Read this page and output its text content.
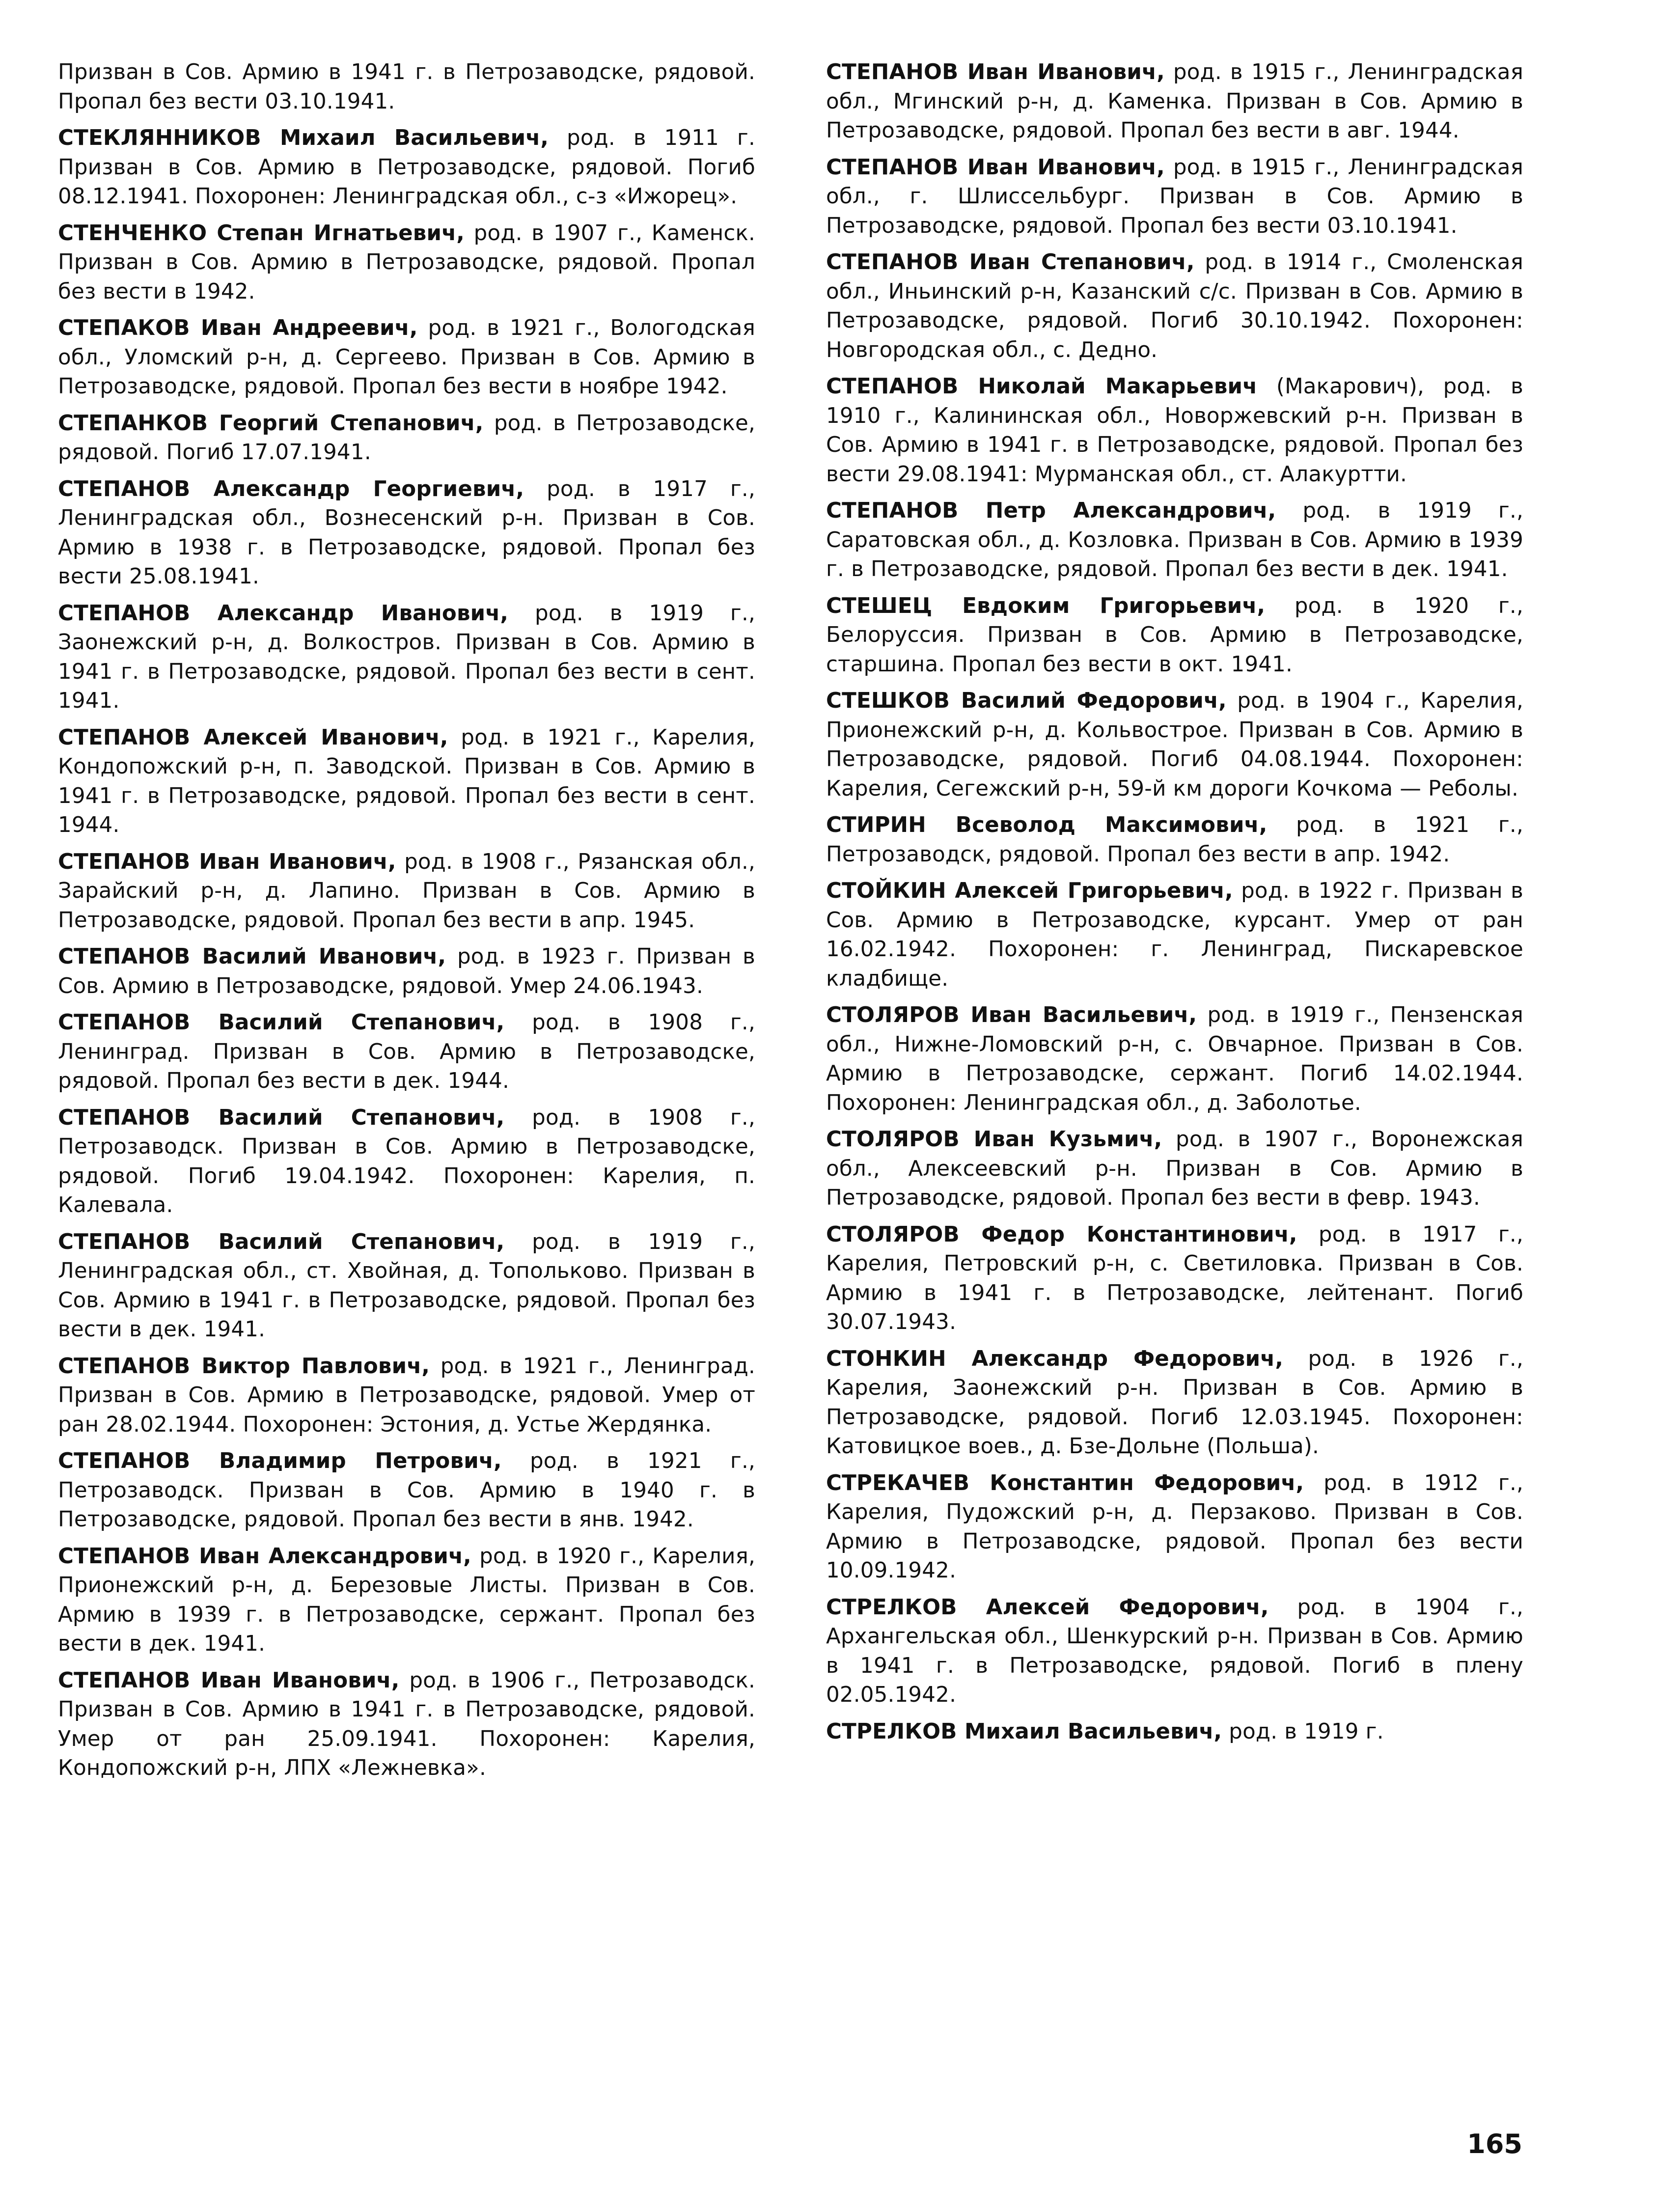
Призван в Сов. Армию в 1941 г. в Петрозаводске, рядовой. Пропал без вести 03.10.1941.

СТЕКЛЯННИКОВ Михаил Васильевич, род. в 1911 г. Призван в Сов. Армию в Петрозаводске, рядовой. Погиб 08.12.1941. Похоронен: Ленинградская обл., с-з «Ижорец».

СТЕНЧЕНКО Степан Игнатьевич, род. в 1907 г., Каменск. Призван в Сов. Армию в Петрозаводске, рядовой. Пропал без вести в 1942.

СТЕПАКОВ Иван Андреевич, род. в 1921 г., Вологодская обл., Уломский р-н, д. Сергеево. Призван в Сов. Армию в Петрозаводске, рядовой. Пропал без вести в ноябре 1942.

СТЕПАНКОВ Георгий Степанович, род. в Петрозаводске, рядовой. Погиб 17.07.1941.

СТЕПАНОВ Александр Георгиевич, род. в 1917 г., Ленинградская обл., Вознесенский р-н. Призван в Сов. Армию в 1938 г. в Петрозаводске, рядовой. Пропал без вести 25.08.1941.

СТЕПАНОВ Александр Иванович, род. в 1919 г., Заонежский р-н, д. Волкостров. Призван в Сов. Армию в 1941 г. в Петрозаводске, рядовой. Пропал без вести в сент. 1941.

СТЕПАНОВ Алексей Иванович, род. в 1921 г., Карелия, Кондопожский р-н, п. Заводской. Призван в Сов. Армию в 1941 г. в Петрозаводске, рядовой. Пропал без вести в сент. 1944.

СТЕПАНОВ Иван Иванович, род. в 1908 г., Рязанская обл., Зарайский р-н, д. Лапино. Призван в Сов. Армию в Петрозаводске, рядовой. Пропал без вести в апр. 1945.

СТЕПАНОВ Василий Иванович, род. в 1923 г. Призван в Сов. Армию в Петрозаводске, рядовой. Умер 24.06.1943.

СТЕПАНОВ Василий Степанович, род. в 1908 г., Ленинград. Призван в Сов. Армию в Петрозаводске, рядовой. Пропал без вести в дек. 1944.

СТЕПАНОВ Василий Степанович, род. в 1908 г., Петрозаводск. Призван в Сов. Армию в Петрозаводске, рядовой. Погиб 19.04.1942. Похоронен: Карелия, п. Калевала.

СТЕПАНОВ Василий Степанович, род. в 1919 г., Ленинградская обл., ст. Хвойная, д. Топольково. Призван в Сов. Армию в 1941 г. в Петрозаводске, рядовой. Пропал без вести в дек. 1941.

СТЕПАНОВ Виктор Павлович, род. в 1921 г., Ленинград. Призван в Сов. Армию в Петрозаводске, рядовой. Умер от ран 28.02.1944. Похоронен: Эстония, д. Устье Жердянка.

СТЕПАНОВ Владимир Петрович, род. в 1921 г., Петрозаводск. Призван в Сов. Армию в 1940 г. в Петрозаводске, рядовой. Пропал без вести в янв. 1942.

СТЕПАНОВ Иван Александрович, род. в 1920 г., Карелия, Прионежский р-н, д. Березовые Листы. Призван в Сов. Армию в 1939 г. в Петрозаводске, сержант. Пропал без вести в дек. 1941.

СТЕПАНОВ Иван Иванович, род. в 1906 г., Петрозаводск. Призван в Сов. Армию в 1941 г. в Петрозаводске, рядовой. Умер от ран 25.09.1941. Похоронен: Карелия, Кондопожский р-н, ЛПХ «Лежневка».

СТЕПАНОВ Иван Иванович, род. в 1915 г., Ленинградская обл., Мгинский р-н, д. Каменка. Призван в Сов. Армию в Петрозаводске, рядовой. Пропал без вести в авг. 1944.

СТЕПАНОВ Иван Иванович, род. в 1915 г., Ленинградская обл., г. Шлиссельбург. Призван в Сов. Армию в Петрозаводске, рядовой. Пропал без вести 03.10.1941.

СТЕПАНОВ Иван Степанович, род. в 1914 г., Смоленская обл., Иньинский р-н, Казанский с/с. Призван в Сов. Армию в Петрозаводске, рядовой. Погиб 30.10.1942. Похоронен: Новгородская обл., с. Дедно.

СТЕПАНОВ Николай Макарьевич (Макарович), род. в 1910 г., Калининская обл., Новоржевский р-н. Призван в Сов. Армию в 1941 г. в Петрозаводске, рядовой. Пропал без вести 29.08.1941: Мурманская обл., ст. Алакуртти.

СТЕПАНОВ Петр Александрович, род. в 1919 г., Саратовская обл., д. Козловка. Призван в Сов. Армию в 1939 г. в Петрозаводске, рядовой. Пропал без вести в дек. 1941.

СТЕШЕЦ Евдоким Григорьевич, род. в 1920 г., Белоруссия. Призван в Сов. Армию в Петрозаводске, старшина. Пропал без вести в окт. 1941.

СТЕШКОВ Василий Федорович, род. в 1904 г., Карелия, Прионежский р-н, д. Кольвострое. Призван в Сов. Армию в Петрозаводске, рядовой. Погиб 04.08.1944. Похоронен: Карелия, Сегежский р-н, 59-й км дороги Кочкома — Реболы.

СТИРИН Всеволод Максимович, род. в 1921 г., Петрозаводск, рядовой. Пропал без вести в апр. 1942.

СТОЙКИН Алексей Григорьевич, род. в 1922 г. Призван в Сов. Армию в Петрозаводске, курсант. Умер от ран 16.02.1942. Похоронен: г. Ленинград, Пискаревское кладбище.

СТОЛЯРОВ Иван Васильевич, род. в 1919 г., Пензенская обл., Нижне-Ломовский р-н, с. Овчарное. Призван в Сов. Армию в Петрозаводске, сержант. Погиб 14.02.1944. Похоронен: Ленинградская обл., д. Заболотье.

СТОЛЯРОВ Иван Кузьмич, род. в 1907 г., Воронежская обл., Алексеевский р-н. Призван в Сов. Армию в Петрозаводске, рядовой. Пропал без вести в февр. 1943.

СТОЛЯРОВ Федор Константинович, род. в 1917 г., Карелия, Петровский р-н, с. Светиловка. Призван в Сов. Армию в 1941 г. в Петрозаводске, лейтенант. Погиб 30.07.1943.

СТОНКИН Александр Федорович, род. в 1926 г., Карелия, Заонежский р-н. Призван в Сов. Армию в Петрозаводске, рядовой. Погиб 12.03.1945. Похоронен: Катовицкое воев., д. Бзе-Дольне (Польша).

СТРЕКАЧЕВ Константин Федорович, род. в 1912 г., Карелия, Пудожский р-н, д. Перзаково. Призван в Сов. Армию в Петрозаводске, рядовой. Пропал без вести 10.09.1942.

СТРЕЛКОВ Алексей Федорович, род. в 1904 г., Архангельская обл., Шенкурский р-н. Призван в Сов. Армию в 1941 г. в Петрозаводске, рядовой. Погиб в плену 02.05.1942.

СТРЕЛКОВ Михаил Васильевич, род. в 1919 г.

165
